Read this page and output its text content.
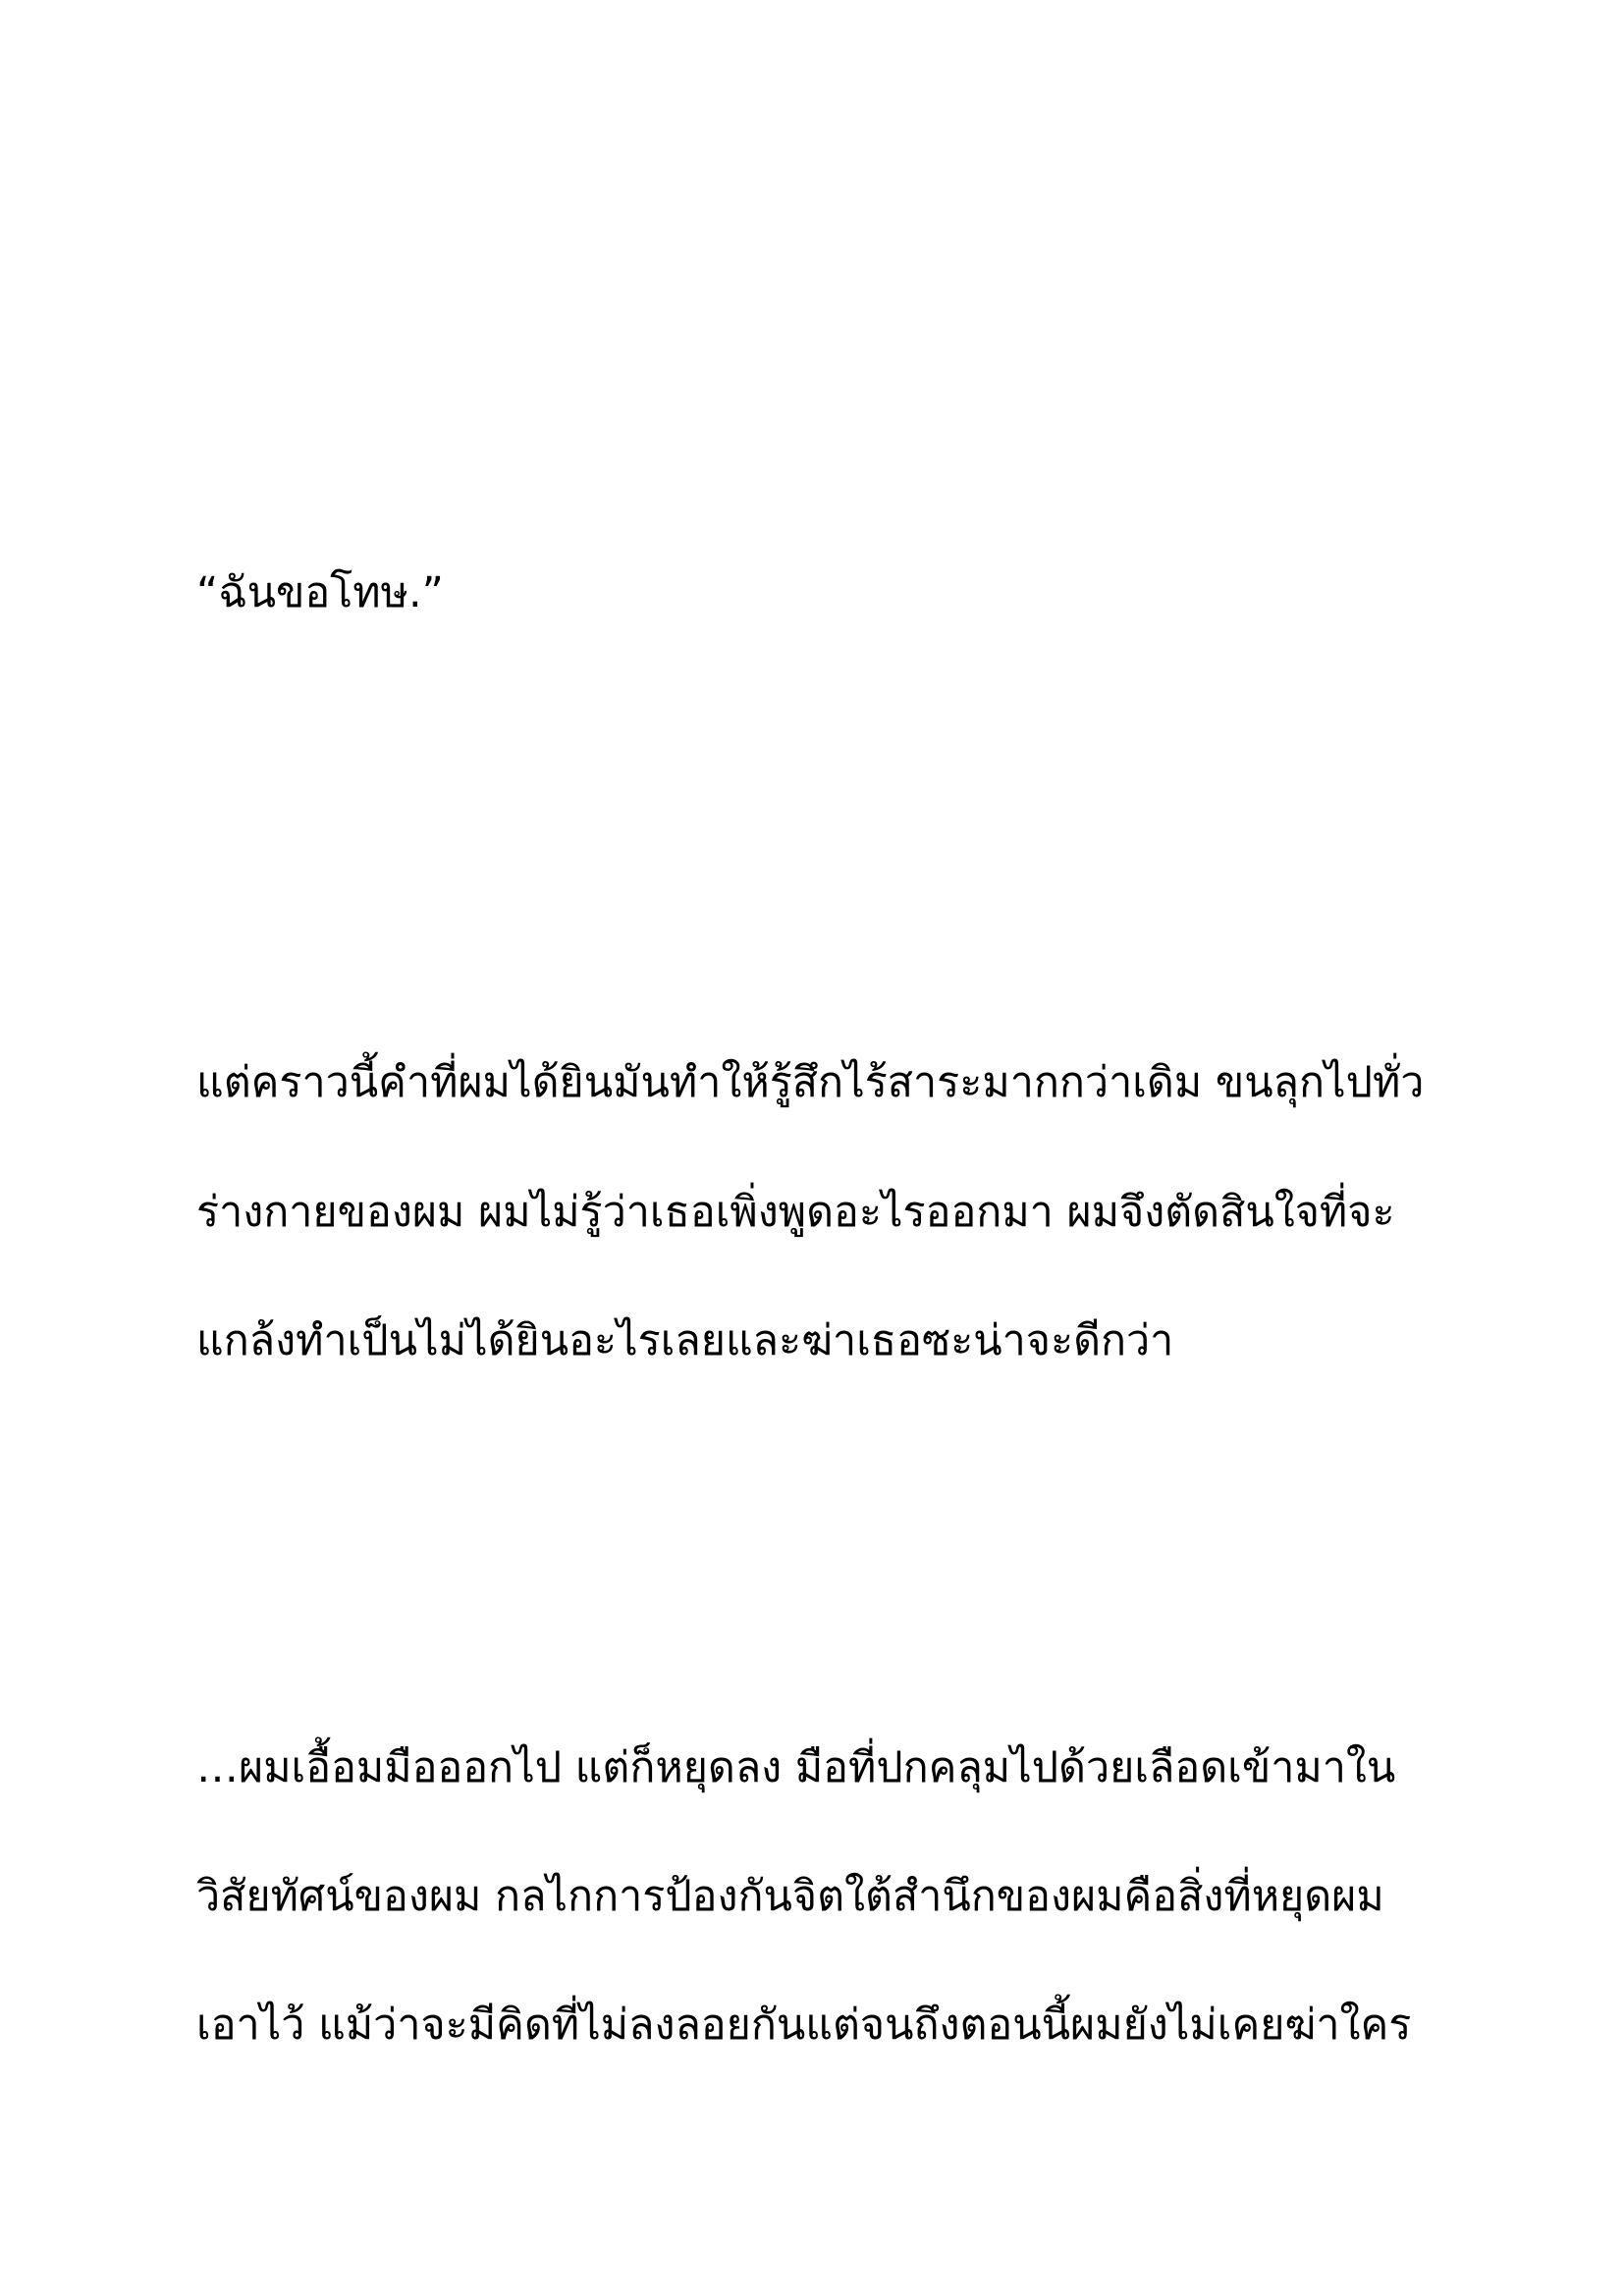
“ฉันขอโทษ.”

แต่คราวนี้คำที่ผมได้ยินมันทำให้รู้สึกไร้สาระมากกว่าเดิม ขนลุกไปทั่ว

ร่างกายของผม ผมไม่รู้ว่าเธอเพิ่งพูดอะไรออกมา ผมจึงตัดสินใจที่จะ

แกล้งทำเป็นไม่ได้ยินอะไรเลยและฆ่าเธอซะน่าจะดีกว่า

…ผมเอื้อมมือออกไป แต่ก็หยุดลง มือที่ปกคลุมไปด้วยเลือดเข้ามาใน

วิสัยทัศน์ของผม กลไกการป้องกันจิตใต้สำนึกของผมคือสิ่งที่หยุดผม

เอาไว้ แม้ว่าจะมีคิดที่ไม่ลงลอยกันแต่จนถึงตอนนี้ผมยังไม่เคยฆ่าใคร
